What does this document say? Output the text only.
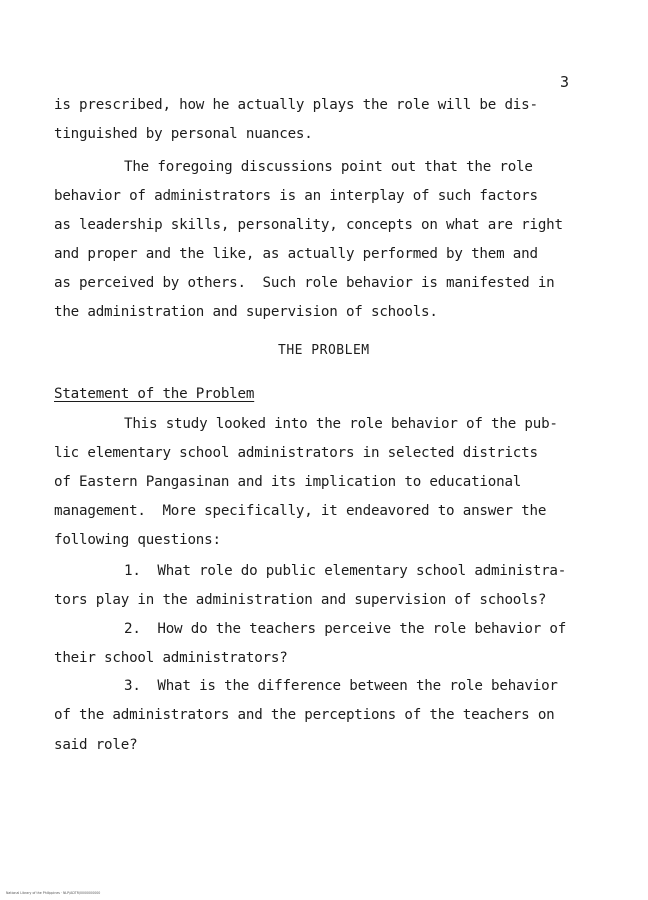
3
is prescribed, how he actually plays the role will be dis-
tinguished by personal nuances.
The foregoing discussions point out that the role
behavior of administrators is an interplay of such factors
as leadership skills, personality, concepts on what are right
and proper and the like, as actually performed by them and
as perceived by others.  Such role behavior is manifested in
the administration and supervision of schools.
THE PROBLEM
Statement of the Problem
This study looked into the role behavior of the pub-
lic elementary school administrators in selected districts
of Eastern Pangasinan and its implication to educational
management.  More specifically, it endeavored to answer the
following questions:
1.  What role do public elementary school administra-
tors play in the administration and supervision of schools?
2.  How do the teachers perceive the role behavior of
their school administrators?
3.  What is the difference between the role behavior
of the administrators and the perceptions of the teachers on
said role?
National Library of the Philippines · NLP/ADTR/0000000000
